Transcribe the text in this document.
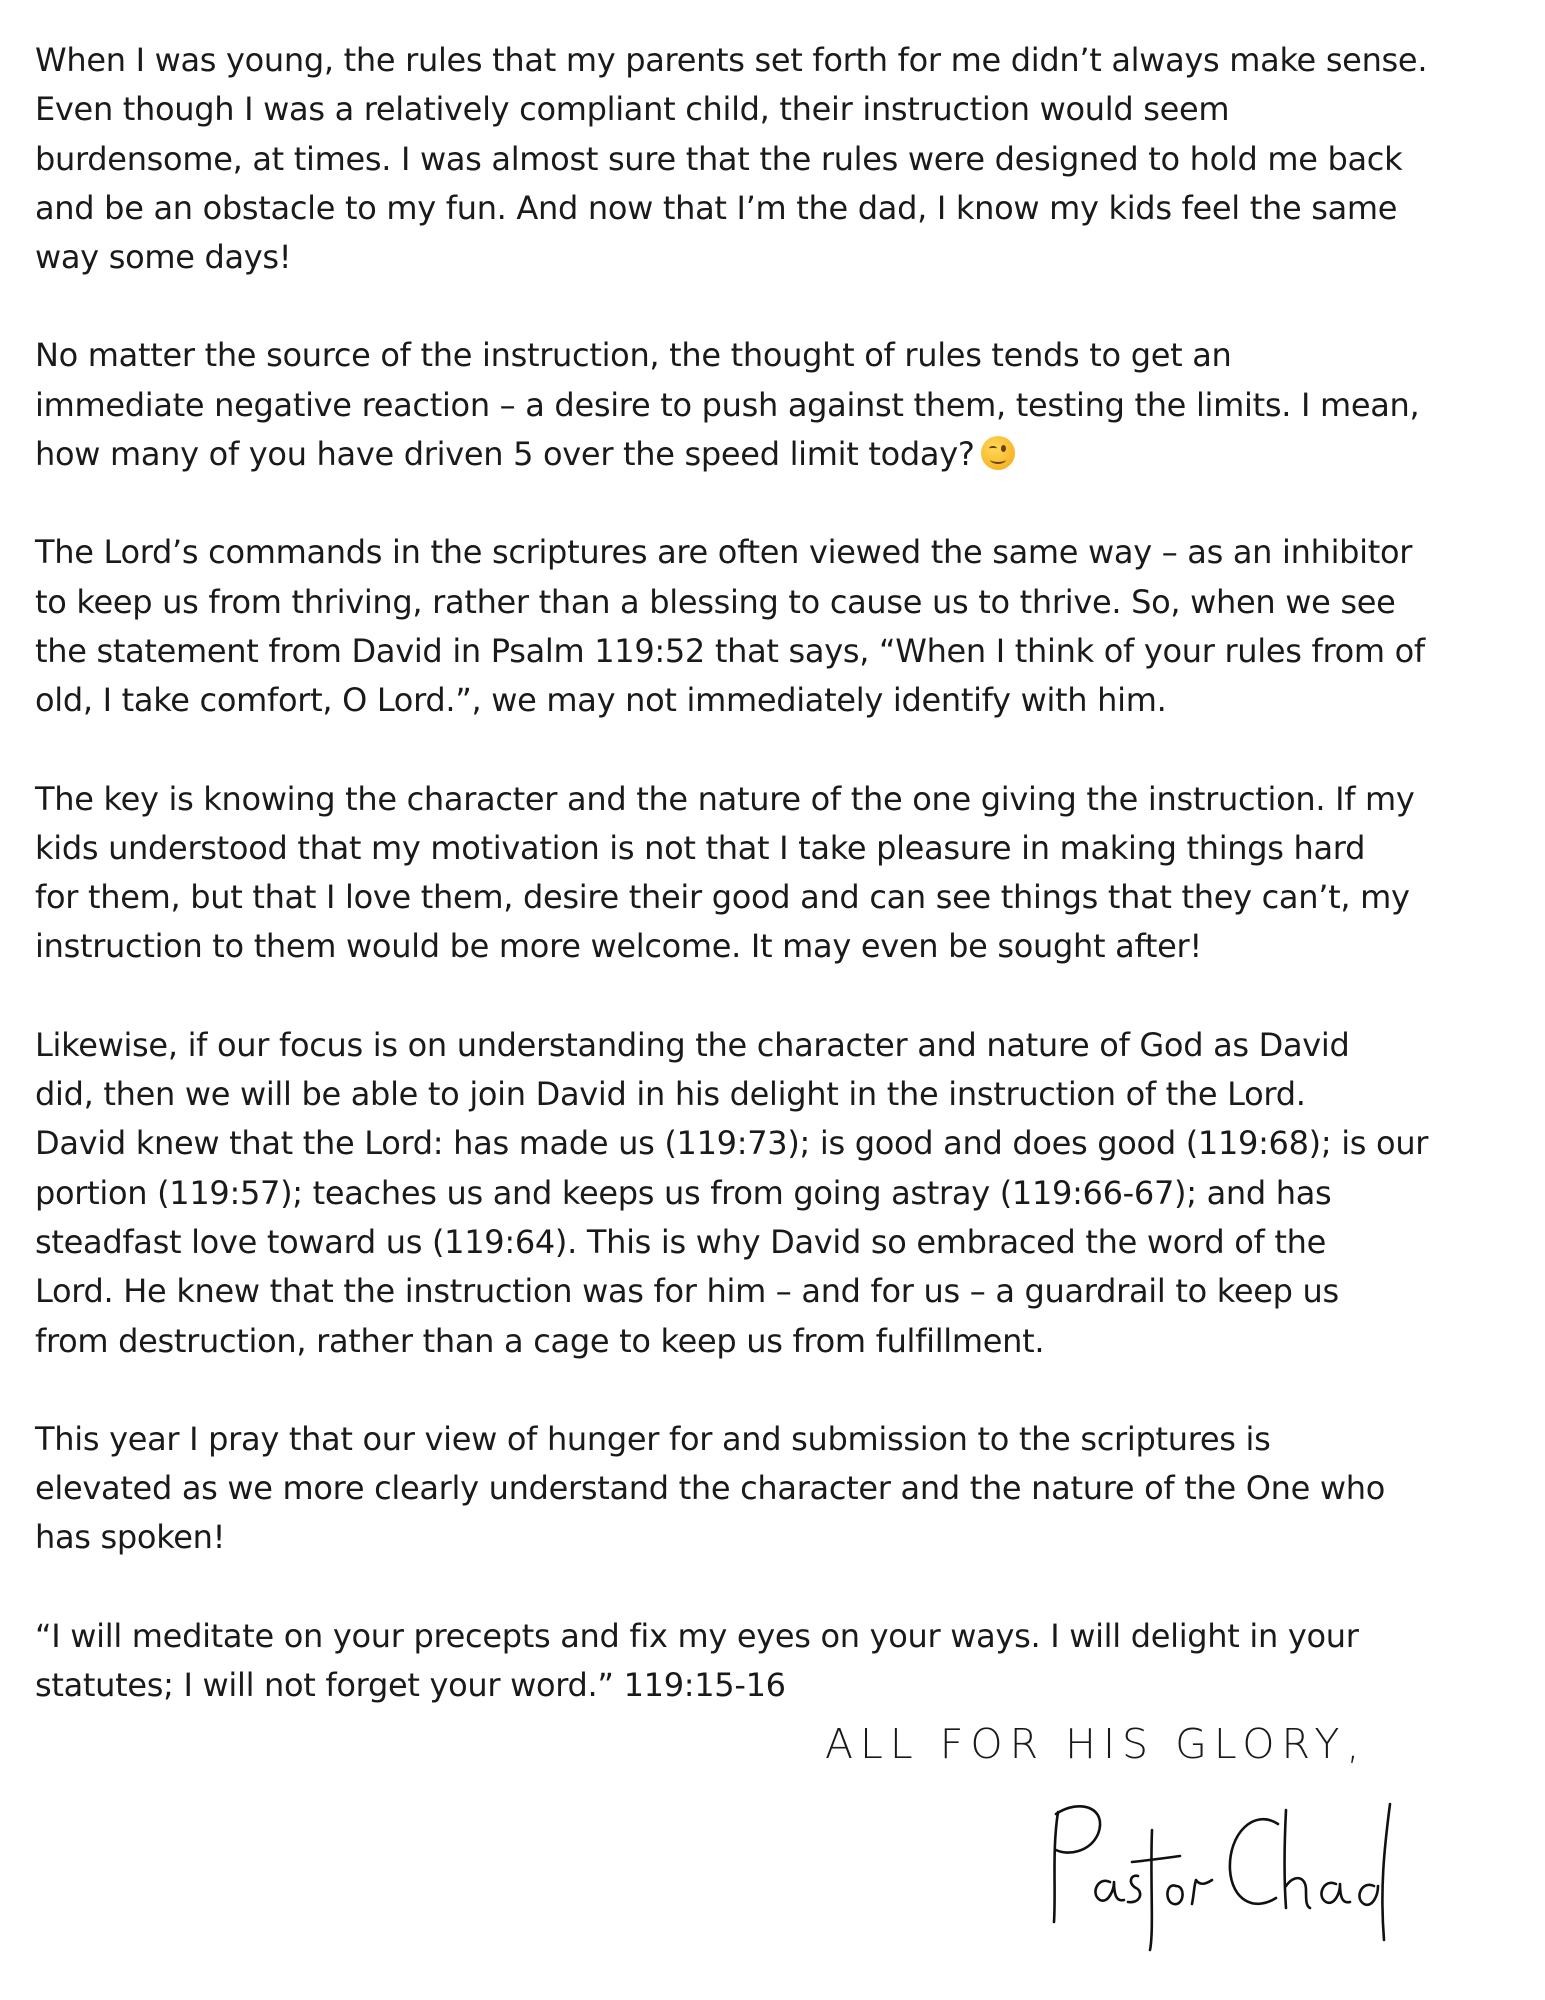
When I was young, the rules that my parents set forth for me didn’t always make sense.
Even though I was a relatively compliant child, their instruction would seem
burdensome, at times. I was almost sure that the rules were designed to hold me back
and be an obstacle to my fun. And now that I’m the dad, I know my kids feel the same
way some days!

No matter the source of the instruction, the thought of rules tends to get an
immediate negative reaction – a desire to push against them, testing the limits. I mean,
how many of you have driven 5 over the speed limit today?

The Lord’s commands in the scriptures are often viewed the same way – as an inhibitor
to keep us from thriving, rather than a blessing to cause us to thrive. So, when we see
the statement from David in Psalm 119:52 that says, “When I think of your rules from of
old, I take comfort, O Lord.”, we may not immediately identify with him.

The key is knowing the character and the nature of the one giving the instruction. If my
kids understood that my motivation is not that I take pleasure in making things hard
for them, but that I love them, desire their good and can see things that they can’t, my
instruction to them would be more welcome. It may even be sought after!

Likewise, if our focus is on understanding the character and nature of God as David
did, then we will be able to join David in his delight in the instruction of the Lord.
David knew that the Lord: has made us (119:73); is good and does good (119:68); is our
portion (119:57); teaches us and keeps us from going astray (119:66-67); and has
steadfast love toward us (119:64). This is why David so embraced the word of the
Lord. He knew that the instruction was for him – and for us – a guardrail to keep us
from destruction, rather than a cage to keep us from fulfillment.

This year I pray that our view of hunger for and submission to the scriptures is
elevated as we more clearly understand the character and the nature of the One who
has spoken!

“I will meditate on your precepts and fix my eyes on your ways. I will delight in your
statutes; I will not forget your word.” 119:15-16

ALL FOR HIS GLORY,
